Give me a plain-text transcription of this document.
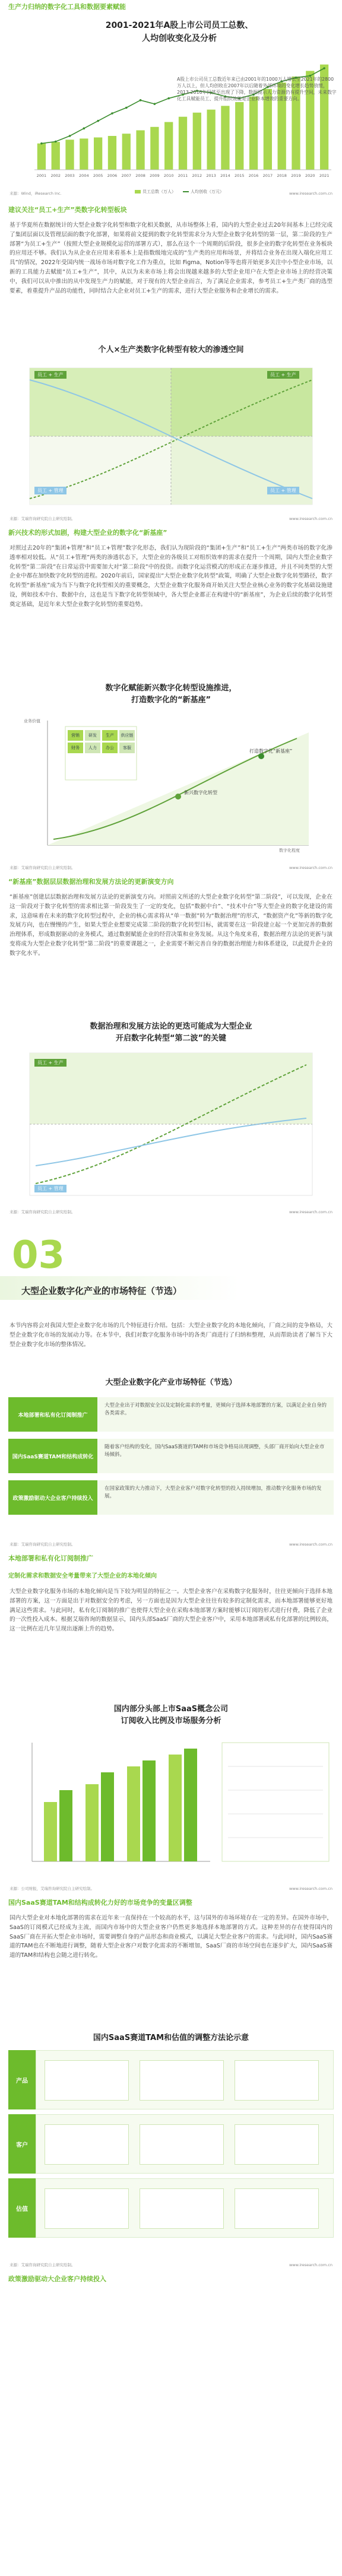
生产力归纳的数字化工具和数据要素赋能
2001-2021年A股上市公司员工总数、
人均创收变化及分析
2001 2002 2003 2004 2005 2006 2007 2008 2009 2010 2011 2012 2013 2014 2015 2016 2017 2018 2019 2020 2021
A股上市公司员工总数近年来已由2001年的1000万人增长至2021年的2800万人以上，但人均创收在2007年以后随着外部环境的变化增长趋势放缓，2013-2016年间甚至出现了下降，数据提示人力资源仍有提升空间，未来数字化工具赋能员工、提升组织效能是企业降本增效的重要方向。
员工总数（万人）	人均创收（万元）
来源：Wind，iResearch Inc.	www.iresearch.com.cn
建议关注“员工+生产”类数字化转型板块
基于华夏所在数据统计的大型企业数字化转型和数字化相关数据，从市场整体上看，国内的大型企业过去20年间基本上已经完成了集团层面以及管理层面的数字化部署，如果将前文提到的数字化转型需求分为大型企业数字化转型的第一层，第二阶段的生产部署“为员工+生产”（按照大型企业规模化运营的部署方式），那么在这个一个周期的后阶段，很多企业的数字化转型在业务板块的应用还不够。我们认为从企业在应用来看基本上是指数级地完成的“生产类的应用和场景，并将结合业务在出现入端化应用工具”的情况，2022年受国内统一战场市场对数字化工作为重点，比如 Figma，Notion等等也将开始更多关注中小型企业市场，以新的工具能力去赋能“员工+生产”，其中，从以为未来市场上将会出现越来越多的大型企业用户在大型企业市场上的经营决策中，我们可以从中推出的从中发现生产力的赋能，对于现有的大型企业而言，为了满足企业需求，参考员工+生产类厂商的选型要素，着重提升产品的功能性，同时结合大企业对员工+生产的需求，进行大型企业服务和企业增长的需求。
个人×生产类数字化转型有较大的渗透空间
员工 + 生产	员工 + 生产
员工 + 管理	员工 + 管理
来源：艾瑞咨询研究院自主研究绘制。	www.iresearch.com.cn
新兴技术的形式加剧，构建大型企业的数字化“新基座”
对照过去20年的“集团+管理”和“员工+管理”数字化形态，我们认为现阶段的“集团+生产”和“员工+生产”两类市场的数字化渗透率相对较低。从“员工+管理”两类的渗透状态下，大型企业的各级员工对组织效率的需求在提升一个周期，国内大型企业数字化转型“第二阶段”在日常运营中需要加大对“第二阶段”中的投资。而数字化运营模式的形成正在逐步推进，并且不同类型的大型企业中都在加快数字化转型的进程。2020年前后，国家提出“大型企业数字化转型”政策，明确了大型企业数字化转型路径，数字化转型“新基座”成为当下与数字化转型相关的重要概念，大型企业数字化服务商开始关注大型企业核心业务的数字化基础设施建设，例如技术中台、数据中台，这也是当下数字化转型领域中，各大型企业都正在构建中的“新基座”，为企业后续的数字化转型奠定基础，是近年来大型企业数字化转型的重要趋势。
数字化赋能新兴数字化转型设施推进，
打造数字化的“新基座”
营销	研发	生产	供应链
财务	人力	办公	客服
新兴数字化转型
打造数字化“新基座”
数字化程度
业务价值
来源：艾瑞咨询研究院自主研究绘制。	www.iresearch.com.cn
“新基座”数据层层数据治理和发展方法论的更新演变方向
“新基座”创建层层数据治理和发展方法论的更新演变方向。对照前文所述的大型企业数字化转型“第二阶段”，可以发现，企业在这一阶段对于数字化转型的需求相比第一阶段发生了一定的变化，包括“数据中台”、“技术中台”等大型企业的数字化建设的需求，这意味着在未来的数字化转型过程中，企业的核心需求将从“单一数据”转为“数据治理”的形式，“数据资产化”等新的数字化发展方向，也在慢慢的产生，如果大型企业想要完成第二阶段的数字化转型目标，就需要在这一阶段建立起一个更加完善的数据治理体系，形成数据驱动的业务模式，通过数据赋能企业的经营决策和业务发展。从这个角度来看，数据治理方法论的更新与演变将成为大型企业数字化转型“第二阶段”的重要课题之一，企业需要不断完善自身的数据治理能力和体系建设，以此提升企业的数字化水平。
数据治理和发展方法论的更迭可能成为大型企业
开启数字化转型“第二波”的关键
员工 + 生产
员工 + 管理
来源：艾瑞咨询研究院自主研究绘制。	www.iresearch.com.cn
03
大型企业数字化产业的市场特征（节选）
本节内容将会对我国大型企业数字化市场的几个特征进行介绍。包括：大型企业数字化的本地化倾向，厂商之间的竞争格局，大型企业数字化市场的发展动力等。在本节中，我们对数字化服务市场中的各类厂商进行了归纳和整理，从而帮助读者了解当下大型企业数字化市场的整体情况。
大型企业数字化产业市场特征（节选）
本地部署和私有化订阅制推广
大型企业出于对数据安全以及定制化需求的考量，更倾向于选择本地部署的方案，以满足企业自身的各类需求。
国内SaaS赛道TAM和结构成转化
随着客户结构的变化，国内SaaS赛道的TAM和市场竞争格局出现调整，头部厂商开始向大型企业市场倾斜。
政策激励驱动大企业客户持续投入
在国家政策的大力推动下，大型企业客户对数字化转型的投入持续增加，推动数字化服务市场的发展。
来源：艾瑞咨询研究院自主研究绘制。	www.iresearch.com.cn
本地部署和私有化订阅制推广
定制化需求和数据安全考量带来了大型企业的本地化倾向
大型企业数字化服务市场的本地化倾向是当下较为明显的特征之一。大型企业客户在采购数字化服务时，往往更倾向于选择本地部署的方案，这一方面是出于对数据安全的考虑，另一方面也是因为大型企业往往有较多的定制化需求，而本地部署能够更好地满足这些需求。与此同时，私有化订阅制的推广也使得大型企业在采购本地部署方案时能够以订阅的形式进行付费，降低了企业的一次性投入成本。根据艾瑞咨询的数据显示，国内头部SaaS厂商的大型企业客户中，采用本地部署或私有化部署的比例较高，这一比例在近几年呈现出逐渐上升的趋势。
国内部分头部上市SaaS概念公司
订阅收入比例及市场服务分析
来源：公司财报，艾瑞咨询研究院自主研究绘制。	www.iresearch.com.cn
国内SaaS赛道TAM和结构成转化力好的市场竞争的变量区调整
国内大型企业对本地化部署的需求在近年来一直保持在一个较高的水平，这与国外的市场环境存在一定的差异。在国外市场中，SaaS的订阅模式已经成为主流，而国内市场中的大型企业客户仍然更多地选择本地部署的方式。这种差异的存在使得国内的SaaS厂商在开拓大型企业市场时，需要调整自身的产品形态和商业模式，以满足大型企业客户的需求。与此同时，国内SaaS赛道的TAM也在不断地进行调整，随着大型企业客户对数字化需求的不断增加，SaaS厂商的市场空间也在逐步扩大，国内SaaS赛道的TAM和结构也会随之进行转化。
国内SaaS赛道TAM和估值的调整方法论示意
产品
客户
估值
来源：艾瑞咨询研究院自主研究绘制。	www.iresearch.com.cn
政策激励驱动大企业客户持续投入
